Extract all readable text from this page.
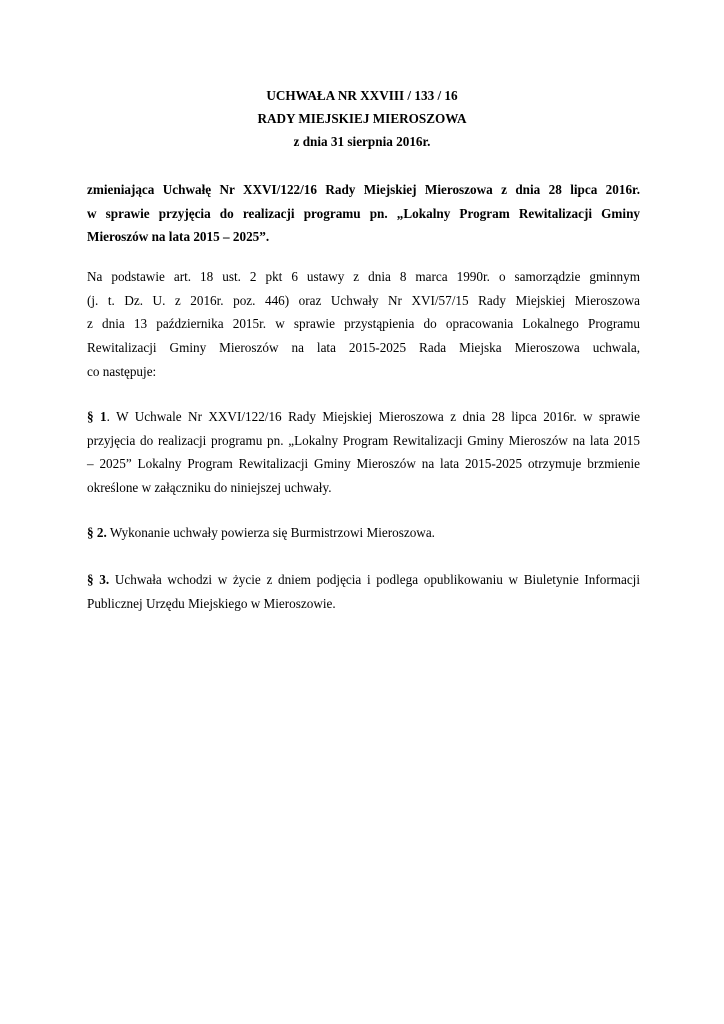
UCHWAŁA NR XXVIII / 133 / 16
RADY MIEJSKIEJ MIEROSZOWA
z dnia 31 sierpnia 2016r.
zmieniająca Uchwałę Nr XXVI/122/16 Rady Miejskiej Mieroszowa z dnia 28 lipca 2016r.
w sprawie przyjęcia do realizacji programu pn. „Lokalny Program Rewitalizacji Gminy
Mieroszów na lata 2015 – 2025”.
Na podstawie art. 18 ust. 2 pkt 6 ustawy z dnia 8 marca 1990r. o samorządzie gminnym
(j. t. Dz. U. z 2016r. poz. 446) oraz Uchwały Nr XVI/57/15 Rady Miejskiej Mieroszowa
z dnia 13 października 2015r. w sprawie przystąpienia do opracowania Lokalnego Programu
Rewitalizacji Gminy Mieroszów na lata 2015-2025 Rada Miejska Mieroszowa uchwala,
co następuje:
§ 1. W Uchwale Nr XXVI/122/16 Rady Miejskiej Mieroszowa z dnia 28 lipca 2016r. w sprawie
przyjęcia do realizacji programu pn. „Lokalny Program Rewitalizacji Gminy Mieroszów na lata 2015
– 2025” Lokalny Program Rewitalizacji Gminy Mieroszów na lata 2015-2025 otrzymuje brzmienie
określone w załączniku do niniejszej uchwały.
§ 2. Wykonanie uchwały powierza się Burmistrzowi Mieroszowa.
§ 3. Uchwała wchodzi w życie z dniem podjęcia i podlega opublikowaniu w Biuletynie Informacji
Publicznej Urzędu Miejskiego w Mieroszowie.
